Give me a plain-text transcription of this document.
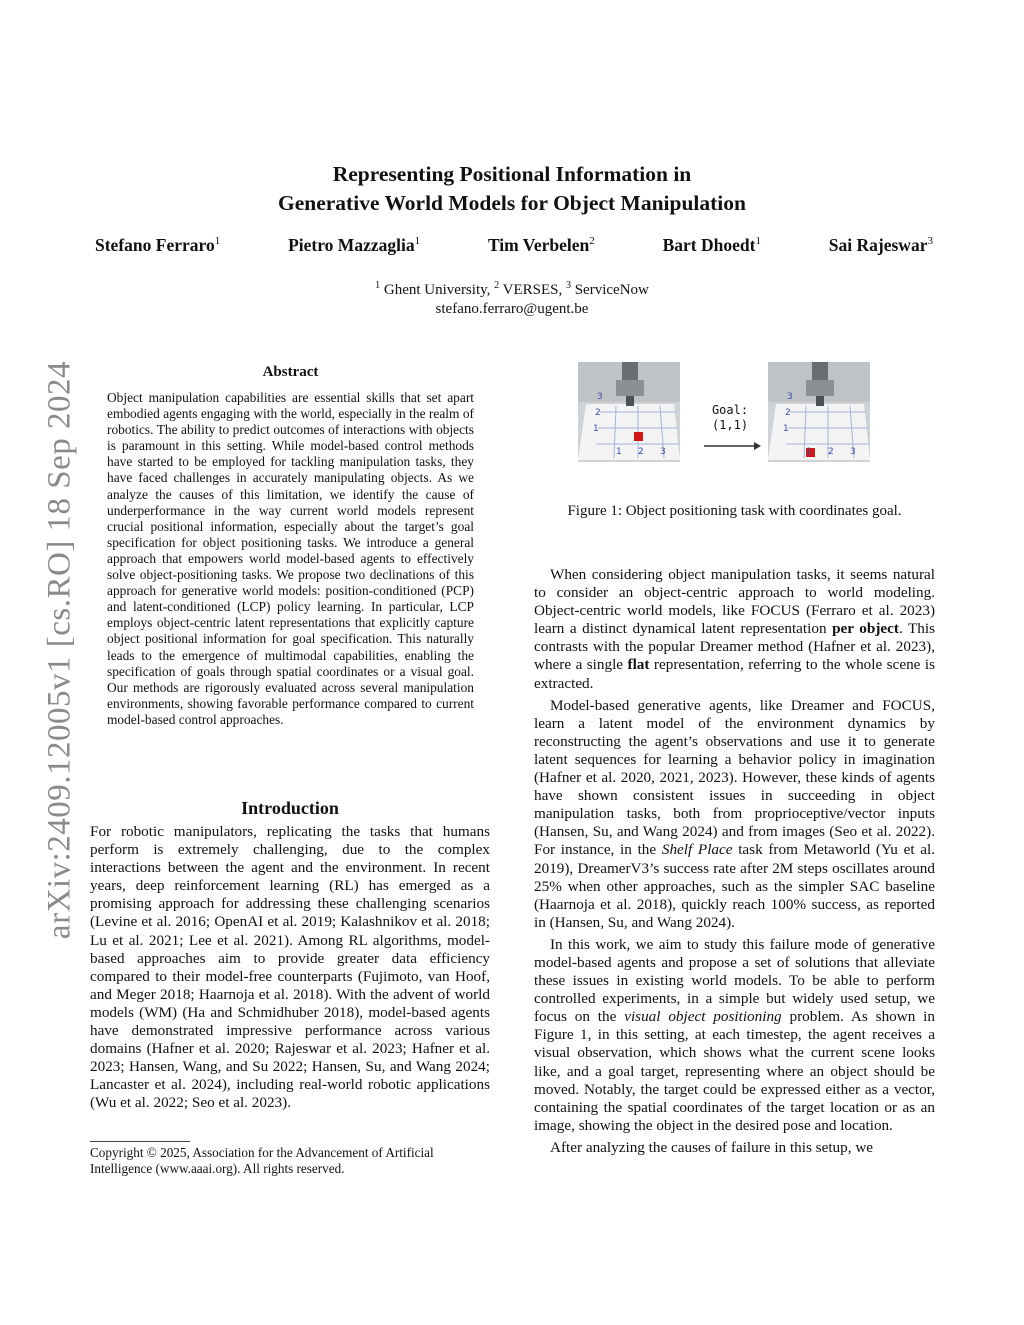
arXiv:2409.12005v1 [cs.RO] 18 Sep 2024
Representing Positional Information in
Generative World Models for Object Manipulation
Stefano Ferraro$^1$	Pietro Mazzaglia$^1$	Tim Verbelen$^2$	Bart Dhoedt$^1$	Sai Rajeswar$^3$
$^1$ Ghent University, $^2$ VERSES, $^3$ ServiceNow
stefano.ferraro@ugent.be
Abstract
Object manipulation capabilities are essential skills that set apart embodied agents engaging with the world, especially in the realm of robotics. The ability to predict outcomes of interactions with objects is paramount in this setting. While model-based control methods have started to be employed for tackling manipulation tasks, they have faced challenges in accurately manipulating objects. As we analyze the causes of this limitation, we identify the cause of underperformance in the way current world models represent crucial positional information, especially about the target’s goal specification for object positioning tasks. We introduce a general approach that empowers world model-based agents to effectively solve object-positioning tasks. We propose two declinations of this approach for generative world models: position-conditioned (PCP) and latent-conditioned (LCP) policy learning. In particular, LCP employs object-centric latent representations that explicitly capture object positional information for goal specification. This naturally leads to the emergence of multimodal capabilities, enabling the specification of goals through spatial coordinates or a visual goal. Our methods are rigorously evaluated across several manipulation environments, showing favorable performance compared to current model-based control approaches.
Introduction

For robotic manipulators, replicating the tasks that humans perform is extremely challenging, due to the complex interactions between the agent and the environment. In recent years, deep reinforcement learning (RL) has emerged as a promising approach for addressing these challenging scenarios (Levine et al. 2016; OpenAI et al. 2019; Kalashnikov et al. 2018; Lu et al. 2021; Lee et al. 2021). Among RL algorithms, model-based approaches aim to provide greater data efficiency compared to their model-free counterparts (Fujimoto, van Hoof, and Meger 2018; Haarnoja et al. 2018). With the advent of world models (WM) (Ha and Schmidhuber 2018), model-based agents have demonstrated impressive performance across various domains (Hafner et al. 2020; Rajeswar et al. 2023; Hafner et al. 2023; Hansen, Wang, and Su 2022; Hansen, Su, and Wang 2024; Lancaster et al. 2024), including real-world robotic applications (Wu et al. 2022; Seo et al. 2023).

Copyright © 2025, Association for the Advancement of Artificial Intelligence (www.aaai.org). All rights reserved.
3
2
1
1 2 3
Goal:
(1,1)
3
2
1
1 2 3
Figure 1: Object positioning task with coordinates goal.

When considering object manipulation tasks, it seems natural to consider an object-centric approach to world modeling. Object-centric world models, like FOCUS (Ferraro et al. 2023) learn a distinct dynamical latent representation per object. This contrasts with the popular Dreamer method (Hafner et al. 2023), where a single flat representation, referring to the whole scene is extracted.

Model-based generative agents, like Dreamer and FOCUS, learn a latent model of the environment dynamics by reconstructing the agent’s observations and use it to generate latent sequences for learning a behavior policy in imagination (Hafner et al. 2020, 2021, 2023). However, these kinds of agents have shown consistent issues in succeeding in object manipulation tasks, both from proprioceptive/vector inputs (Hansen, Su, and Wang 2024) and from images (Seo et al. 2022). For instance, in the Shelf Place task from Metaworld (Yu et al. 2019), DreamerV3’s success rate after 2M steps oscillates around 25% when other approaches, such as the simpler SAC baseline (Haarnoja et al. 2018), quickly reach 100% success, as reported in (Hansen, Su, and Wang 2024).

In this work, we aim to study this failure mode of generative model-based agents and propose a set of solutions that alleviate these issues in existing world models. To be able to perform controlled experiments, in a simple but widely used setup, we focus on the visual object positioning problem. As shown in Figure 1, in this setting, at each timestep, the agent receives a visual observation, which shows what the current scene looks like, and a goal target, representing where an object should be moved. Notably, the target could be expressed either as a vector, containing the spatial coordinates of the target location or as an image, showing the object in the desired pose and location.

After analyzing the causes of failure in this setup, we
